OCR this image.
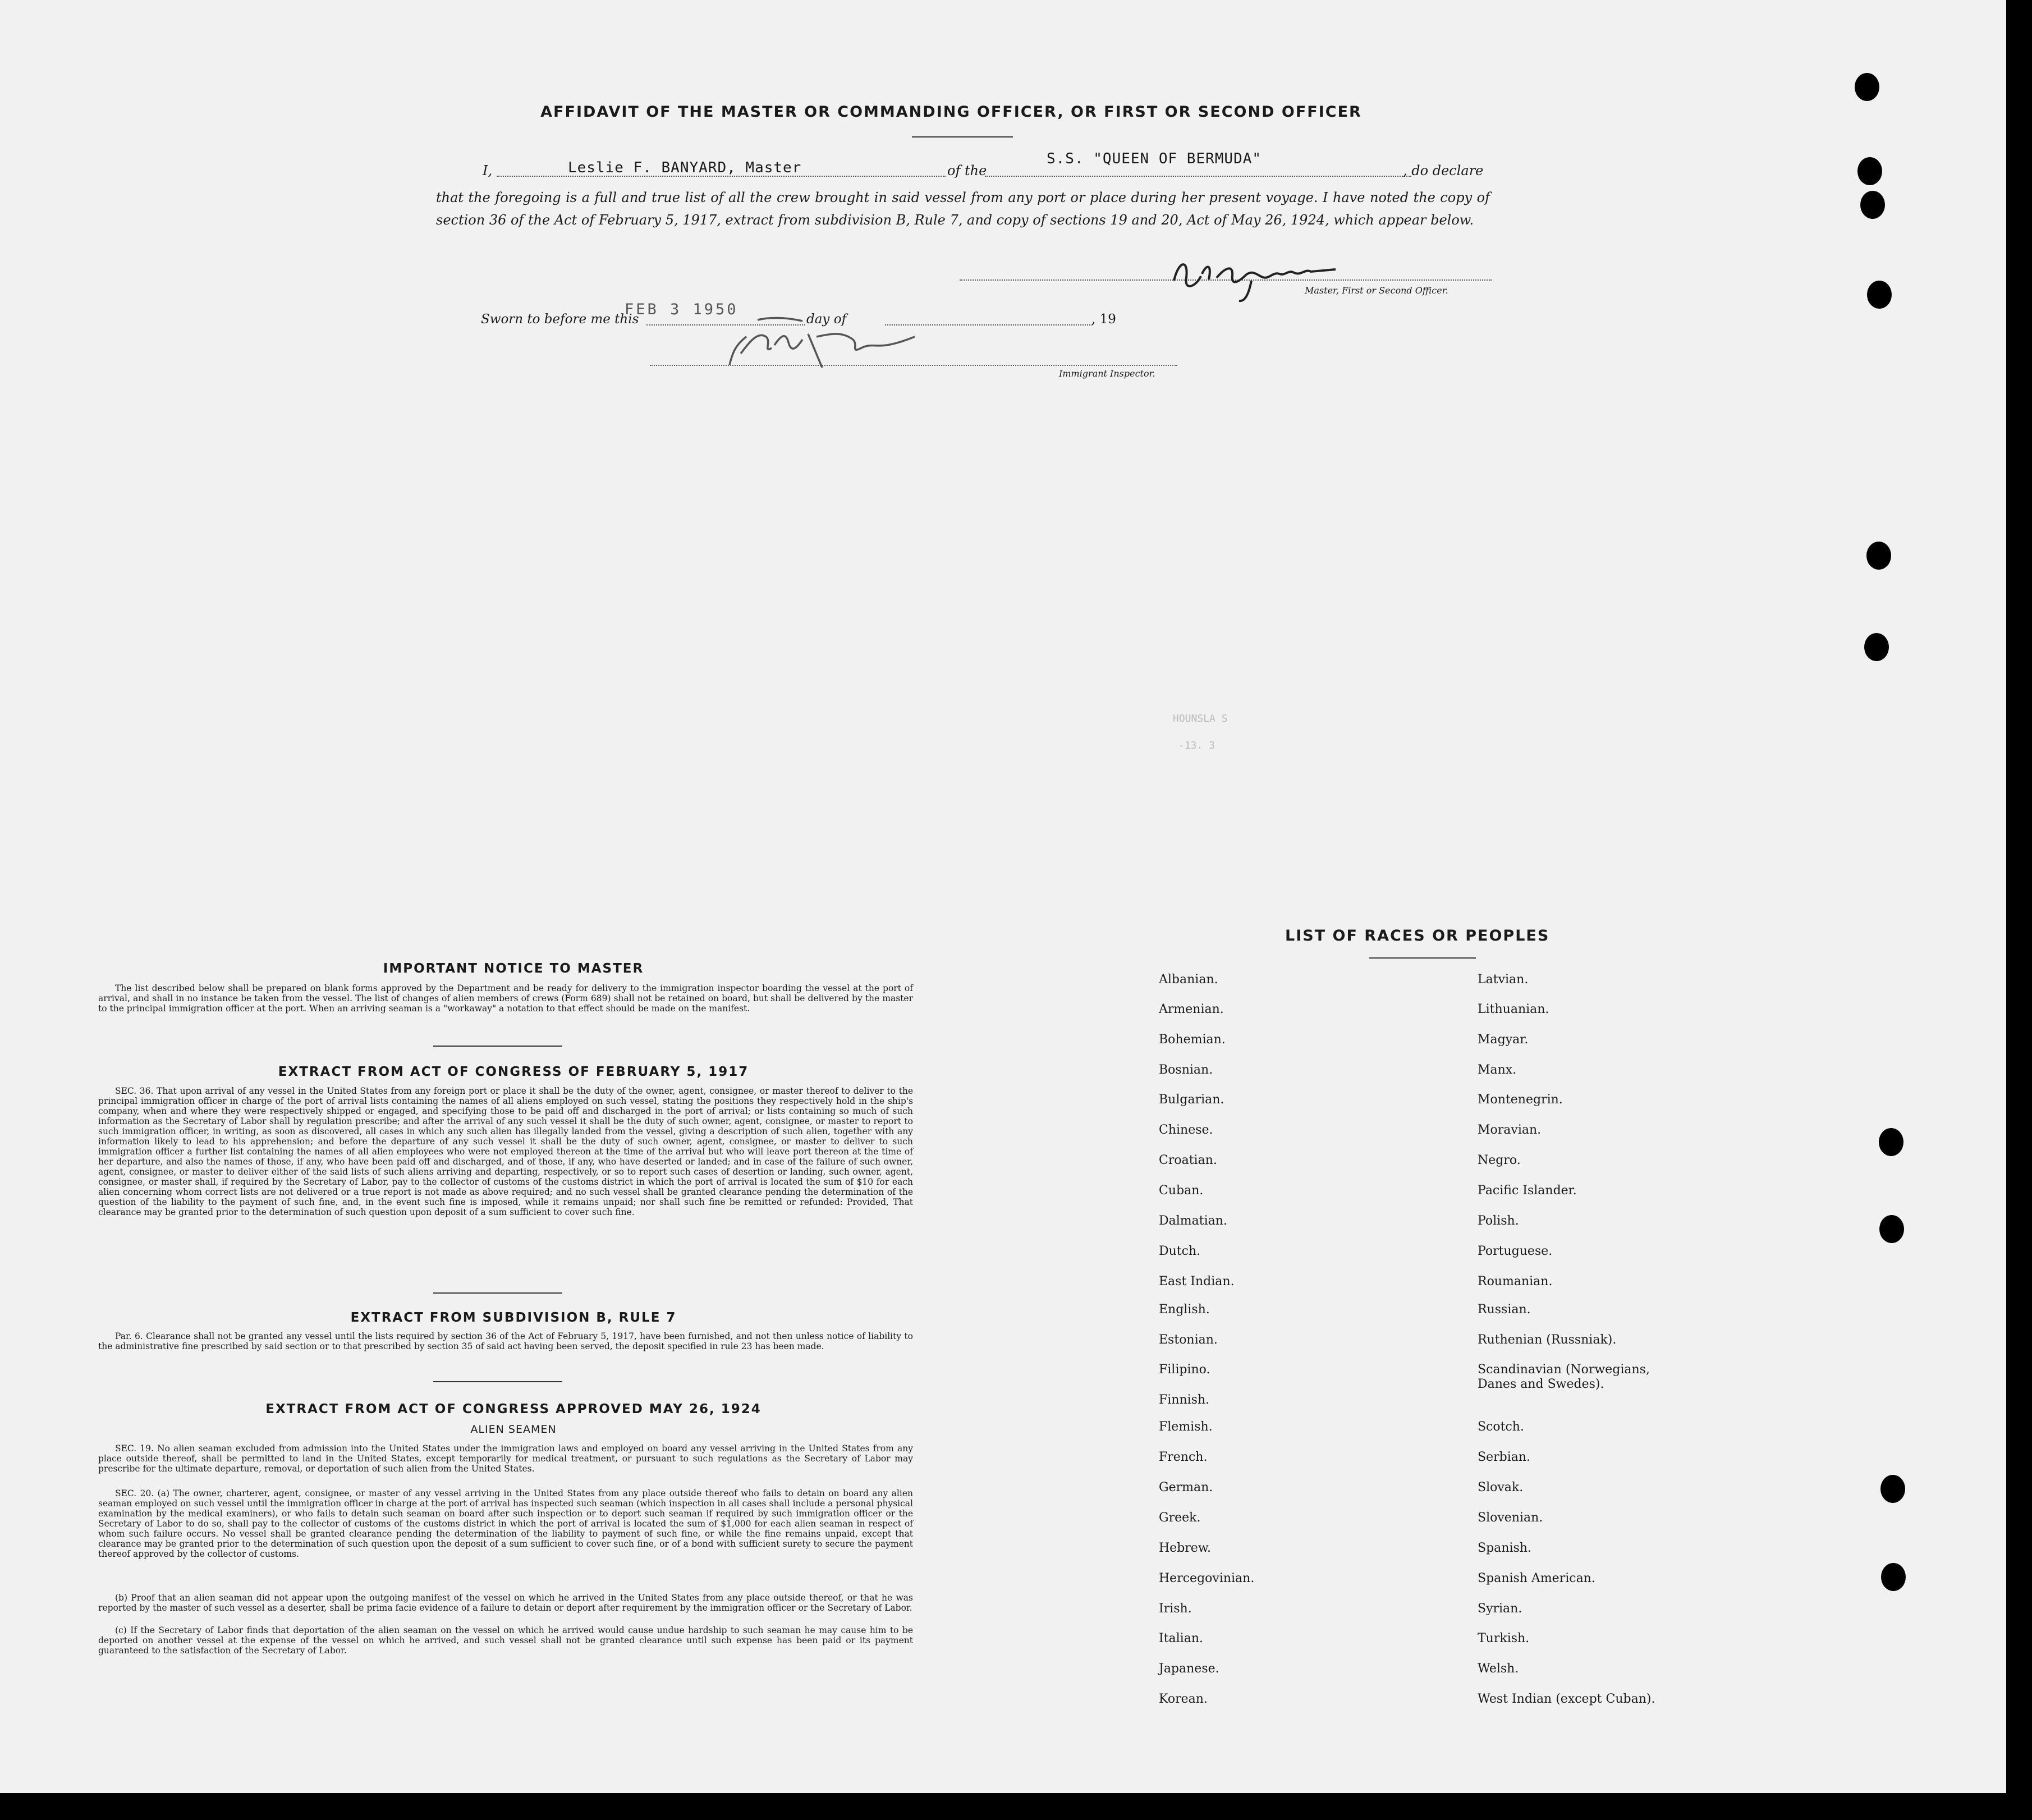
AFFIDAVIT OF THE MASTER OR COMMANDING OFFICER, OR FIRST OR SECOND OFFICER
I,	Leslie F. BANYARD, Master	of the
S.S. "QUEEN OF BERMUDA"
, do declare
that the foregoing is a full and true list of all the crew brought in said vessel from any port or place during her present voyage. I have noted the copy of section 36 of the Act of February 5, 1917, extract from subdivision B, Rule 7, and copy of sections 19 and 20, Act of May 26, 1924, which appear below.
Master, First or Second Officer.
Sworn to before me this
FEB 3 1950
day of	, 19
Immigrant Inspector.
IMPORTANT NOTICE TO MASTER
The list described below shall be prepared on blank forms approved by the Department and be ready for delivery to the immigration inspector boarding the vessel at the port of arrival, and shall in no instance be taken from the vessel. The list of changes of alien members of crews (Form 689) shall not be retained on board, but shall be delivered by the master to the principal immigration officer at the port. When an arriving seaman is a "workaway" a notation to that effect should be made on the manifest.
EXTRACT FROM ACT OF CONGRESS OF FEBRUARY 5, 1917
SEC. 36. That upon arrival of any vessel in the United States from any foreign port or place it shall be the duty of the owner, agent, consignee, or master thereof to deliver to the principal immigration officer in charge of the port of arrival lists containing the names of all aliens employed on such vessel, stating the positions they respectively hold in the ship's company, when and where they were respectively shipped or engaged, and specifying those to be paid off and discharged in the port of arrival; or lists containing so much of such information as the Secretary of Labor shall by regulation prescribe; and after the arrival of any such vessel it shall be the duty of such owner, agent, consignee, or master to report to such immigration officer, in writing, as soon as discovered, all cases in which any such alien has illegally landed from the vessel, giving a description of such alien, together with any information likely to lead to his apprehension; and before the departure of any such vessel it shall be the duty of such owner, agent, consignee, or master to deliver to such immigration officer a further list containing the names of all alien employees who were not employed thereon at the time of the arrival but who will leave port thereon at the time of her departure, and also the names of those, if any, who have been paid off and discharged, and of those, if any, who have deserted or landed; and in case of the failure of such owner, agent, consignee, or master to deliver either of the said lists of such aliens arriving and departing, respectively, or so to report such cases of desertion or landing, such owner, agent, consignee, or master shall, if required by the Secretary of Labor, pay to the collector of customs of the customs district in which the port of arrival is located the sum of $10 for each alien concerning whom correct lists are not delivered or a true report is not made as above required; and no such vessel shall be granted clearance pending the determination of the question of the liability to the payment of such fine, and, in the event such fine is imposed, while it remains unpaid; nor shall such fine be remitted or refunded: Provided, That clearance may be granted prior to the determination of such question upon deposit of a sum sufficient to cover such fine.
EXTRACT FROM SUBDIVISION B, RULE 7
Par. 6. Clearance shall not be granted any vessel until the lists required by section 36 of the Act of February 5, 1917, have been furnished, and not then unless notice of liability to the administrative fine prescribed by said section or to that prescribed by section 35 of said act having been served, the deposit specified in rule 23 has been made.
EXTRACT FROM ACT OF CONGRESS APPROVED MAY 26, 1924
ALIEN SEAMEN
SEC. 19. No alien seaman excluded from admission into the United States under the immigration laws and employed on board any vessel arriving in the United States from any place outside thereof, shall be permitted to land in the United States, except temporarily for medical treatment, or pursuant to such regulations as the Secretary of Labor may prescribe for the ultimate departure, removal, or deportation of such alien from the United States.
SEC. 20. (a) The owner, charterer, agent, consignee, or master of any vessel arriving in the United States from any place outside thereof who fails to detain on board any alien seaman employed on such vessel until the immigration officer in charge at the port of arrival has inspected such seaman (which inspection in all cases shall include a personal physical examination by the medical examiners), or who fails to detain such seaman on board after such inspection or to deport such seaman if required by such immigration officer or the Secretary of Labor to do so, shall pay to the collector of customs of the customs district in which the port of arrival is located the sum of $1,000 for each alien seaman in respect of whom such failure occurs. No vessel shall be granted clearance pending the determination of the liability to payment of such fine, or while the fine remains unpaid, except that clearance may be granted prior to the determination of such question upon the deposit of a sum sufficient to cover such fine, or of a bond with sufficient surety to secure the payment thereof approved by the collector of customs.
(b) Proof that an alien seaman did not appear upon the outgoing manifest of the vessel on which he arrived in the United States from any place outside thereof, or that he was reported by the master of such vessel as a deserter, shall be prima facie evidence of a failure to detain or deport after requirement by the immigration officer or the Secretary of Labor.
(c) If the Secretary of Labor finds that deportation of the alien seaman on the vessel on which he arrived would cause undue hardship to such seaman he may cause him to be deported on another vessel at the expense of the vessel on which he arrived, and such vessel shall not be granted clearance until such expense has been paid or its payment guaranteed to the satisfaction of the Secretary of Labor.
LIST OF RACES OR PEOPLES
Albanian.
Armenian.
Bohemian.
Bosnian.
Bulgarian.
Chinese.
Croatian.
Cuban.
Dalmatian.
Dutch.
East Indian.
English.
Estonian.
Filipino.
Finnish.
Flemish.
French.
German.
Greek.
Hebrew.
Hercegovinian.
Irish.
Italian.
Japanese.
Korean.
Latvian.
Lithuanian.
Magyar.
Manx.
Montenegrin.
Moravian.
Negro.
Pacific Islander.
Polish.
Portuguese.
Roumanian.
Russian.
Ruthenian (Russniak).
Scandinavian (Norwegians, Danes and Swedes).
Scotch.
Serbian.
Slovak.
Slovenian.
Spanish.
Spanish American.
Syrian.
Turkish.
Welsh.
West Indian (except Cuban).
HOUNSLA S
-13. 3
